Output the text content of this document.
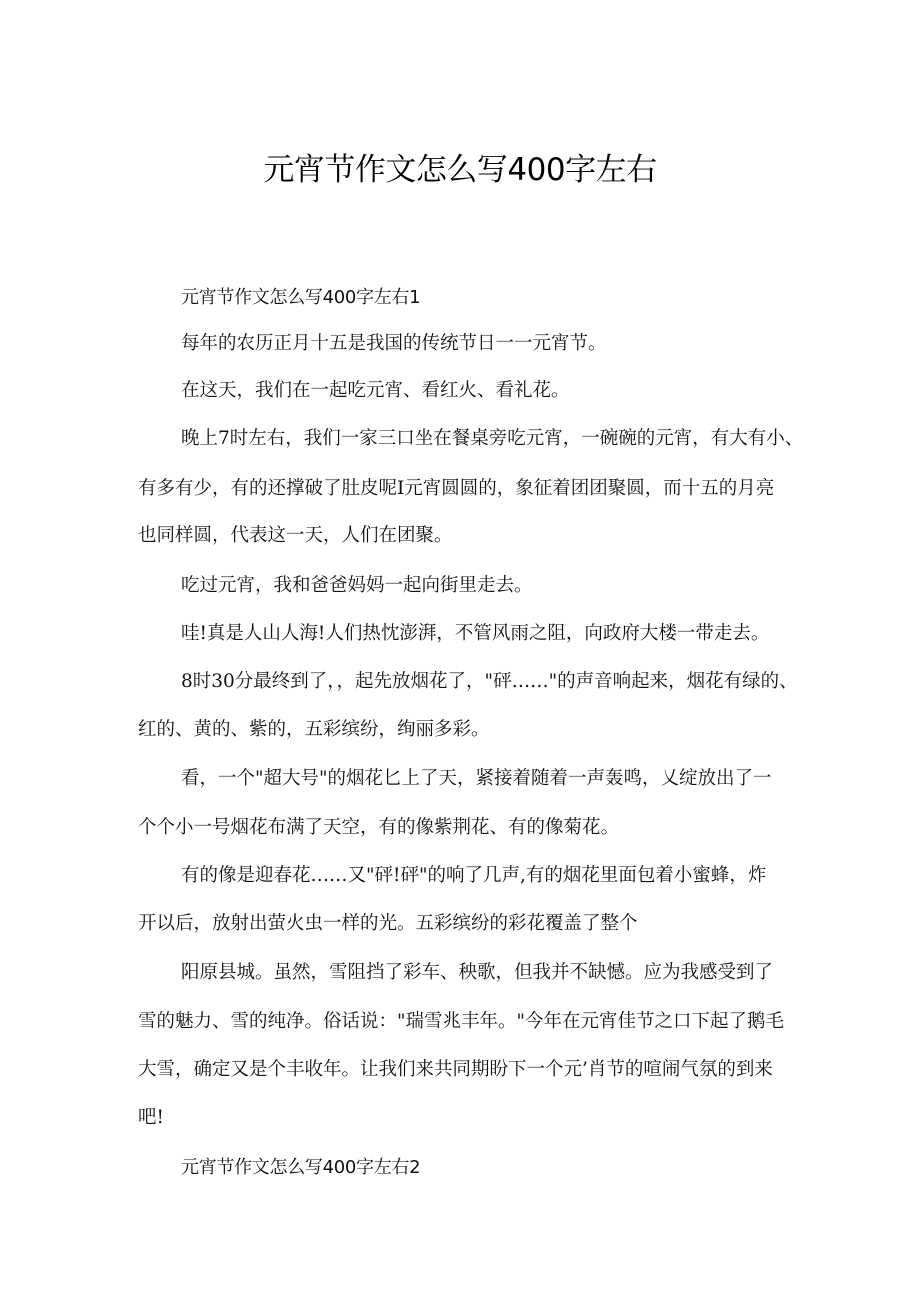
元宵节作文怎么写400字左右

元宵节作文怎么写400字左右1

每年的农历正月十五是我国的传统节日一一元宵节。

在这天，我们在一起吃元宵、看红火、看礼花。

晚上7时左右，我们一家三口坐在餐桌旁吃元宵，一碗碗的元宵，有大有小、

有多有少，有的还撑破了肚皮呢I元宵圆圆的，象征着团团聚圆，而十五的月亮

也同样圆，代表这一天，人们在团聚。

吃过元宵，我和爸爸妈妈一起向街里走去。

哇!真是人山人海!人们热忱澎湃，不管风雨之阻，向政府大楼一带走去。

8时30分最终到了，，起先放烟花了，"砰……"的声音响起来，烟花有绿的、

红的、黄的、紫的，五彩缤纷，绚丽多彩。

看，一个"超大号"的烟花匕上了天，紧接着随着一声轰鸣，乂绽放出了一

个个小一号烟花布满了天空，有的像紫荆花、有的像菊花。

有的像是迎春花……又"砰!砰"的响了几声,有的烟花里面包着小蜜蜂，炸

开以后，放射出萤火虫一样的光。五彩缤纷的彩花覆盖了整个

阳原县城。虽然，雪阻挡了彩车、秧歌，但我并不缺憾。应为我感受到了

雪的魅力、雪的纯净。俗话说："瑞雪兆丰年。"今年在元宵佳节之口下起了鹅毛

大雪，确定又是个丰收年。让我们来共同期盼下一个元’肖节的喧闹气氛的到来

吧!

元宵节作文怎么写400字左右2
